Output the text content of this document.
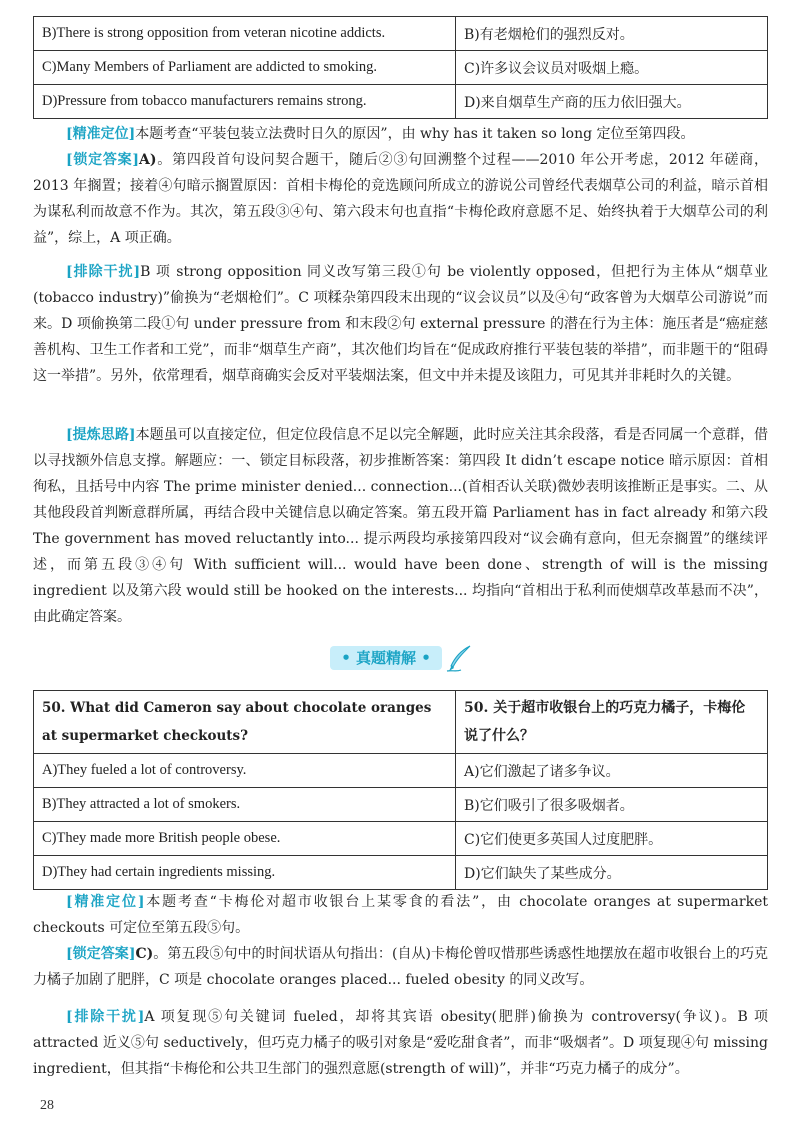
B)There is strong opposition from veteran nicotine addicts.	B)有老烟枪们的强烈反对。
C)Many Members of Parliament are addicted to smoking.	C)许多议会议员对吸烟上瘾。
D)Pressure from tobacco manufacturers remains strong.	D)来自烟草生产商的压力依旧强大。
[精准定位]本题考查“平装包装立法费时日久的原因”，由 why has it taken so long 定位至第四段。
[锁定答案]A)。第四段首句设问契合题干，随后②③句回溯整个过程——2010 年公开考虑，2012 年磋商，2013 年搁置；接着④句暗示搁置原因：首相卡梅伦的竞选顾问所成立的游说公司曾经代表烟草公司的利益，暗示首相为谋私利而故意不作为。其次，第五段③④句、第六段末句也直指“卡梅伦政府意愿不足、始终执着于大烟草公司的利益”，综上，A 项正确。
[排除干扰]B 项 strong opposition 同义改写第三段①句 be violently opposed，但把行为主体从“烟草业(tobacco industry)”偷换为“老烟枪们”。C 项糅杂第四段末出现的“议会议员”以及④句“政客曾为大烟草公司游说”而来。D 项偷换第二段①句 under pressure from 和末段②句 external pressure 的潜在行为主体：施压者是“癌症慈善机构、卫生工作者和工党”，而非“烟草生产商”，其次他们均旨在“促成政府推行平装包装的举措”，而非题干的“阻碍这一举措”。另外，依常理看，烟草商确实会反对平装烟法案，但文中并未提及该阻力，可见其并非耗时久的关键。
[提炼思路]本题虽可以直接定位，但定位段信息不足以完全解题，此时应关注其余段落，看是否同属一个意群，借以寻找额外信息支撑。解题应：一、锁定目标段落，初步推断答案：第四段 It didn’t escape notice 暗示原因：首相徇私，且括号中内容 The prime minister denied... connection...(首相否认关联)微妙表明该推断正是事实。二、从其他段段首判断意群所属，再结合段中关键信息以确定答案。第五段开篇 Parliament has in fact already 和第六段 The government has moved reluctantly into... 提示两段均承接第四段对“议会确有意向，但无奈搁置”的继续评述，而第五段③④句 With sufficient will... would have been done、strength of will is the missing ingredient 以及第六段 would still be hooked on the interests... 均指向“首相出于私利而使烟草改革悬而不决”，由此确定答案。
• 真题精解 •
50. What did Cameron say about chocolate oranges at supermarket checkouts?	50. 关于超市收银台上的巧克力橘子，卡梅伦说了什么？
A)They fueled a lot of controversy.	A)它们激起了诸多争议。
B)They attracted a lot of smokers.	B)它们吸引了很多吸烟者。
C)They made more British people obese.	C)它们使更多英国人过度肥胖。
D)They had certain ingredients missing.	D)它们缺失了某些成分。
[精准定位]本题考查“卡梅伦对超市收银台上某零食的看法”，由 chocolate oranges at supermarket checkouts 可定位至第五段⑤句。
[锁定答案]C)。第五段⑤句中的时间状语从句指出：(自从)卡梅伦曾叹惜那些诱惑性地摆放在超市收银台上的巧克力橘子加剧了肥胖，C 项是 chocolate oranges placed... fueled obesity 的同义改写。
[排除干扰]A 项复现⑤句关键词 fueled，却将其宾语 obesity(肥胖)偷换为 controversy(争议)。B 项 attracted 近义⑤句 seductively，但巧克力橘子的吸引对象是“爱吃甜食者”，而非“吸烟者”。D 项复现④句 missing ingredient，但其指“卡梅伦和公共卫生部门的强烈意愿(strength of will)”，并非“巧克力橘子的成分”。
28
